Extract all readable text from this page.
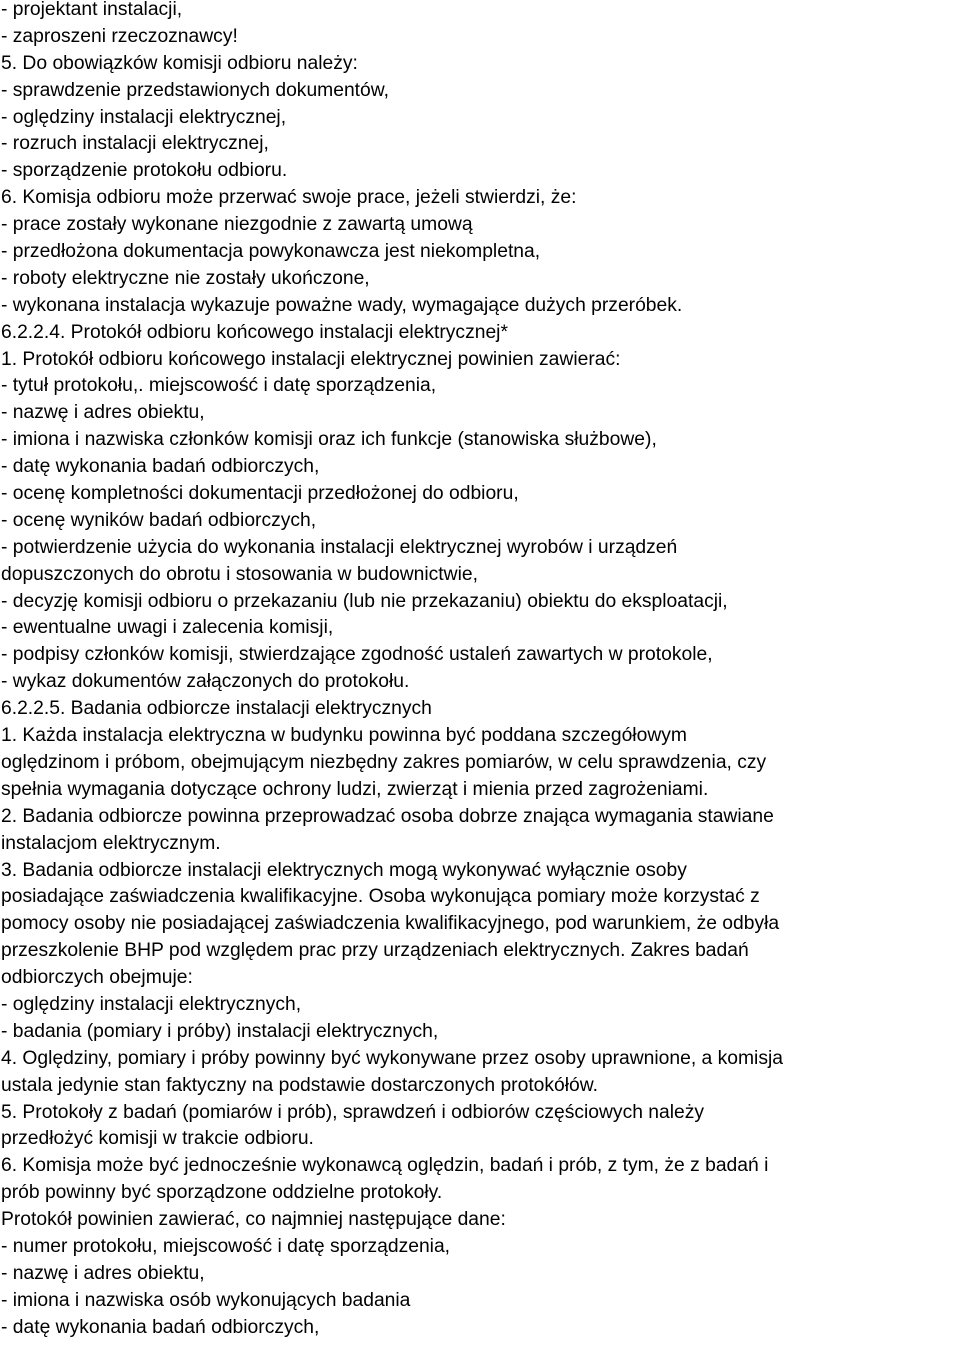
- projektant instalacji,
- zaproszeni rzeczoznawcy!
5. Do obowiązków komisji odbioru należy:
- sprawdzenie przedstawionych dokumentów,
- oględziny instalacji elektrycznej,
- rozruch instalacji elektrycznej,
- sporządzenie protokołu odbioru.
6. Komisja odbioru może przerwać swoje prace, jeżeli stwierdzi, że:
- prace zostały wykonane niezgodnie z zawartą umową
- przedłożona dokumentacja powykonawcza jest niekompletna,
- roboty elektryczne nie zostały ukończone,
- wykonana instalacja wykazuje poważne wady, wymagające dużych przeróbek.
6.2.2.4. Protokół odbioru końcowego instalacji elektrycznej*
1. Protokół odbioru końcowego instalacji elektrycznej powinien zawierać:
- tytuł protokołu,. miejscowość i datę sporządzenia,
- nazwę i adres obiektu,
- imiona i nazwiska członków komisji oraz ich funkcje (stanowiska służbowe),
- datę wykonania badań odbiorczych,
- ocenę kompletności dokumentacji przedłożonej do odbioru,
- ocenę wyników badań odbiorczych,
- potwierdzenie użycia do wykonania instalacji elektrycznej wyrobów i urządzeń
dopuszczonych do obrotu i stosowania w budownictwie,
- decyzję komisji odbioru o przekazaniu (lub nie przekazaniu) obiektu do eksploatacji,
- ewentualne uwagi i zalecenia komisji,
- podpisy członków komisji, stwierdzające zgodność ustaleń zawartych w protokole,
- wykaz dokumentów załączonych do protokołu.
6.2.2.5. Badania odbiorcze instalacji elektrycznych
1. Każda instalacja elektryczna w budynku powinna być poddana szczegółowym
oględzinom i próbom, obejmującym niezbędny zakres pomiarów, w celu sprawdzenia, czy
spełnia wymagania dotyczące ochrony ludzi, zwierząt i mienia przed zagrożeniami.
2. Badania odbiorcze powinna przeprowadzać osoba dobrze znająca wymagania stawiane
instalacjom elektrycznym.
3. Badania odbiorcze instalacji elektrycznych mogą wykonywać wyłącznie osoby
posiadające zaświadczenia kwalifikacyjne. Osoba wykonująca pomiary może korzystać z
pomocy osoby nie posiadającej zaświadczenia kwalifikacyjnego, pod warunkiem, że odbyła
przeszkolenie BHP pod względem prac przy urządzeniach elektrycznych. Zakres badań
odbiorczych obejmuje:
- oględziny instalacji elektrycznych,
- badania (pomiary i próby) instalacji elektrycznych,
4. Oględziny, pomiary i próby powinny być wykonywane przez osoby uprawnione, a komisja
ustala jedynie stan faktyczny na podstawie dostarczonych protokółów.
5. Protokoły z badań (pomiarów i prób), sprawdzeń i odbiorów częściowych należy
przedłożyć komisji w trakcie odbioru.
6. Komisja może być jednocześnie wykonawcą oględzin, badań i prób, z tym, że z badań i
prób powinny być sporządzone oddzielne protokoły.
Protokół powinien zawierać, co najmniej następujące dane:
- numer protokołu, miejscowość i datę sporządzenia,
- nazwę i adres obiektu,
- imiona i nazwiska osób wykonujących badania
- datę wykonania badań odbiorczych,
